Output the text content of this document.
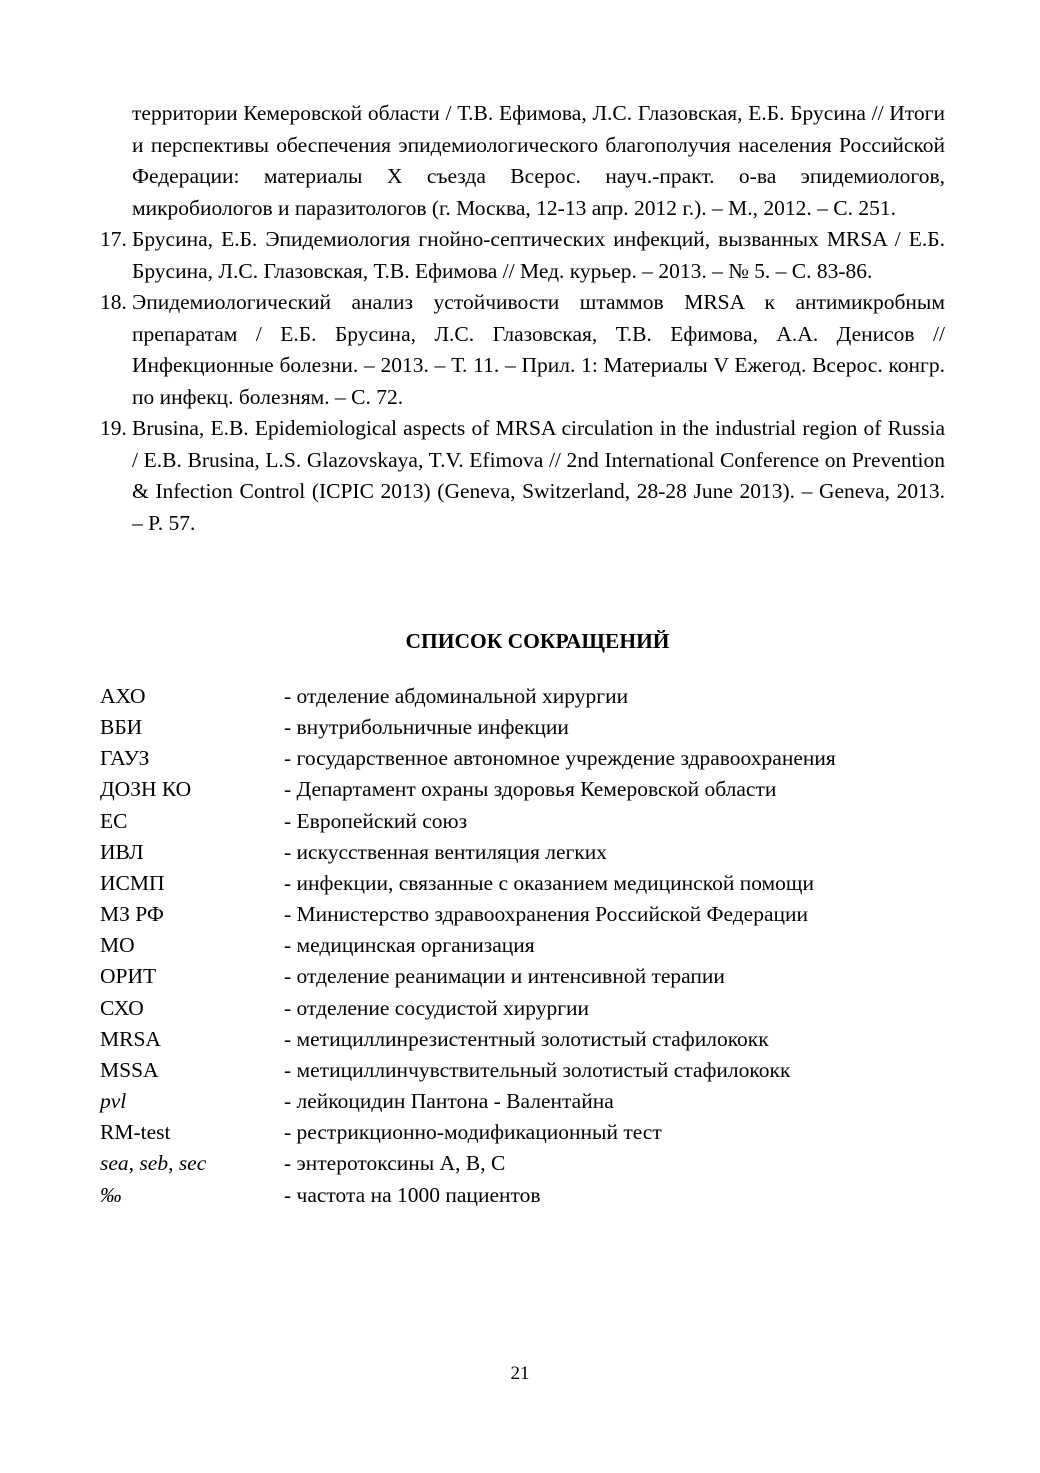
территории Кемеровской области / Т.В. Ефимова, Л.С. Глазовская, Е.Б. Брусина // Итоги и перспективы обеспечения эпидемиологического благополучия населения Российской Федерации: материалы X съезда Всерос. науч.-практ. о-ва эпидемиологов, микробиологов и паразитологов (г. Москва, 12-13 апр. 2012 г.). – М., 2012. – С. 251.

17. Брусина, Е.Б. Эпидемиология гнойно-септических инфекций, вызванных MRSA / Е.Б. Брусина, Л.С. Глазовская, Т.В. Ефимова // Мед. курьер. – 2013. – № 5. – С. 83-86.

18. Эпидемиологический анализ устойчивости штаммов MRSA к антимикробным препаратам / Е.Б. Брусина, Л.С. Глазовская, Т.В. Ефимова, А.А. Денисов // Инфекционные болезни. – 2013. – Т. 11. – Прил. 1: Материалы V Ежегод. Всерос. конгр. по инфекц. болезням. – С. 72.

19. Brusina, E.B. Epidemiological aspects of MRSA circulation in the industrial region of Russia / E.B. Brusina, L.S. Glazovskaya, T.V. Efimova // 2nd International Conference on Prevention & Infection Control (ICPIC 2013) (Geneva, Switzerland, 28-28 June 2013). – Geneva, 2013. – P. 57.

СПИСОК СОКРАЩЕНИЙ
АХО	- отделение абдоминальной хирургии
ВБИ	- внутрибольничные инфекции
ГАУЗ	- государственное автономное учреждение здравоохранения
ДОЗН КО	- Департамент охраны здоровья Кемеровской области
ЕС	- Европейский союз
ИВЛ	- искусственная вентиляция легких
ИСМП	- инфекции, связанные с оказанием медицинской помощи
МЗ РФ	- Министерство здравоохранения Российской Федерации
МО	- медицинская организация
ОРИТ	- отделение реанимации и интенсивной терапии
СХО	- отделение сосудистой хирургии
MRSA	- метициллинрезистентный золотистый стафилококк
MSSA	- метициллинчувствительный золотистый стафилококк
pvl	- лейкоцидин Пантона - Валентайна
RM-test	- рестрикционно-модификационный тест
sea, seb, sec	- энтеротоксины А, В, С
‰	- частота на 1000 пациентов
21
